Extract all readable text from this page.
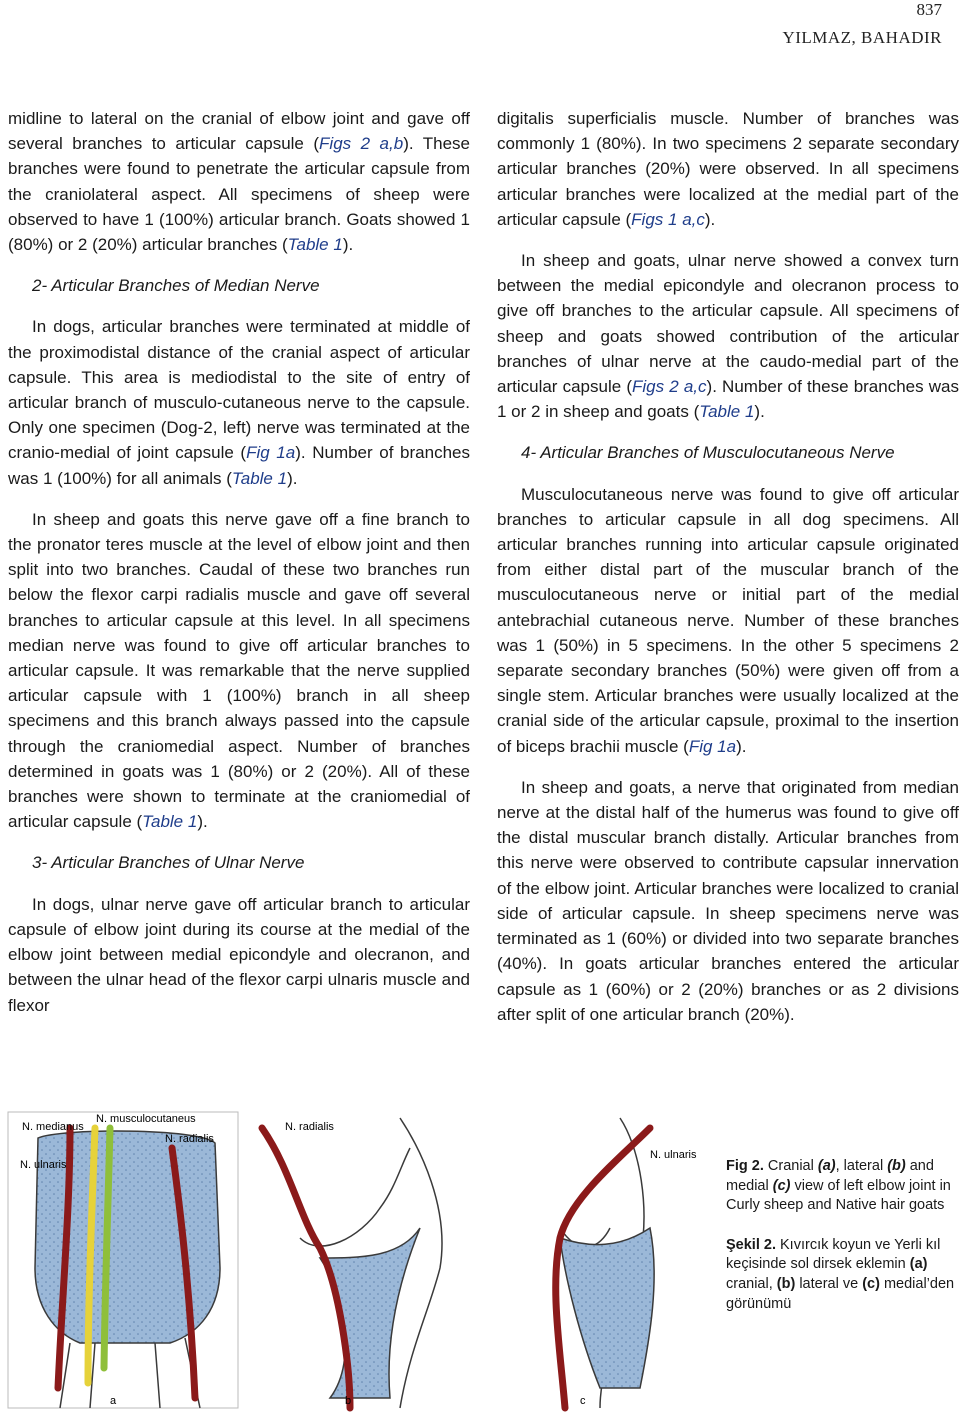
837
YILMAZ, BAHADIR

midline to lateral on the cranial of elbow joint and gave off several branches to articular capsule (Figs 2 a,b). These branches were found to penetrate the articular capsule from the craniolateral aspect. All specimens of sheep were observed to have 1 (100%) articular branch. Goats showed 1 (80%) or 2 (20%) articular branches (Table 1).

2- Articular Branches of Median Nerve

In dogs, articular branches were terminated at middle of the proximodistal distance of the cranial aspect of articular capsule. This area is mediodistal to the site of entry of articular branch of musculo-cutaneous nerve to the capsule. Only one specimen (Dog-2, left) nerve was terminated at the cranio-medial of joint capsule (Fig 1a). Number of branches was 1 (100%) for all animals (Table 1).

In sheep and goats this nerve gave off a fine branch to the pronator teres muscle at the level of elbow joint and then split into two branches. Caudal of these two branches run below the flexor carpi radialis muscle and gave off several branches to articular capsule at this level. In all specimens median nerve was found to give off articular branches to articular capsule. It was remarkable that the nerve supplied articular capsule with 1 (100%) branch in all sheep specimens and this branch always passed into the capsule through the craniomedial aspect. Number of branches determined in goats was 1 (80%) or 2 (20%). All of these branches were shown to terminate at the craniomedial of articular capsule (Table 1).

3- Articular Branches of Ulnar Nerve

In dogs, ulnar nerve gave off articular branch to articular capsule of elbow joint during its course at the medial of the elbow joint between medial epicondyle and olecranon, and between the ulnar head of the flexor carpi ulnaris muscle and flexor

digitalis superficialis muscle. Number of branches was commonly 1 (80%). In two specimens 2 separate secondary articular branches (20%) were observed. In all specimens articular branches were localized at the medial part of the articular capsule (Figs 1 a,c).

In sheep and goats, ulnar nerve showed a convex turn between the medial epicondyle and olecranon process to give off branches to the articular capsule. All specimens of sheep and goats showed contribution of the articular branches of ulnar nerve at the caudo-medial part of the articular capsule (Figs 2 a,c). Number of these branches was 1 or 2 in sheep and goats (Table 1).

4- Articular Branches of Musculocutaneous Nerve

Musculocutaneous nerve was found to give off articular branches to articular capsule in all dog specimens. All articular branches running into articular capsule originated from either distal part of the muscular branch of the musculocutaneous nerve or initial part of the medial antebrachial cutaneous nerve. Number of these branches was 1 (50%) in 5 specimens. In the other 5 specimens 2 separate secondary branches (50%) were given off from a single stem. Articular branches were usually localized at the cranial side of the articular capsule, proximal to the insertion of biceps brachii muscle (Fig 1a).

In sheep and goats, a nerve that originated from median nerve at the distal half of the humerus was found to give off the distal muscular branch distally. Articular branches from this nerve were observed to contribute capsular innervation of the elbow joint. Articular branches were localized to cranial side of articular capsule. In sheep specimens nerve was terminated as 1 (60%) or divided into two separate branches (40%). In goats articular branches entered the articular capsule as 1 (60%) or 2 (20%) branches or as 2 divisions after split of one articular branch (20%).

N. medianus
N. musculocutaneus
N. radialis
N. ulnaris
a
N. radialis
b
N. ulnaris
c

Fig 2. Cranial (a), lateral (b) and medial (c) view of left elbow joint in Curly sheep and Native hair goats

Şekil 2. Kıvırcık koyun ve Yerli kıl keçisinde sol dirsek eklemin (a) cranial, (b) lateral ve (c) medial’den görünümü
